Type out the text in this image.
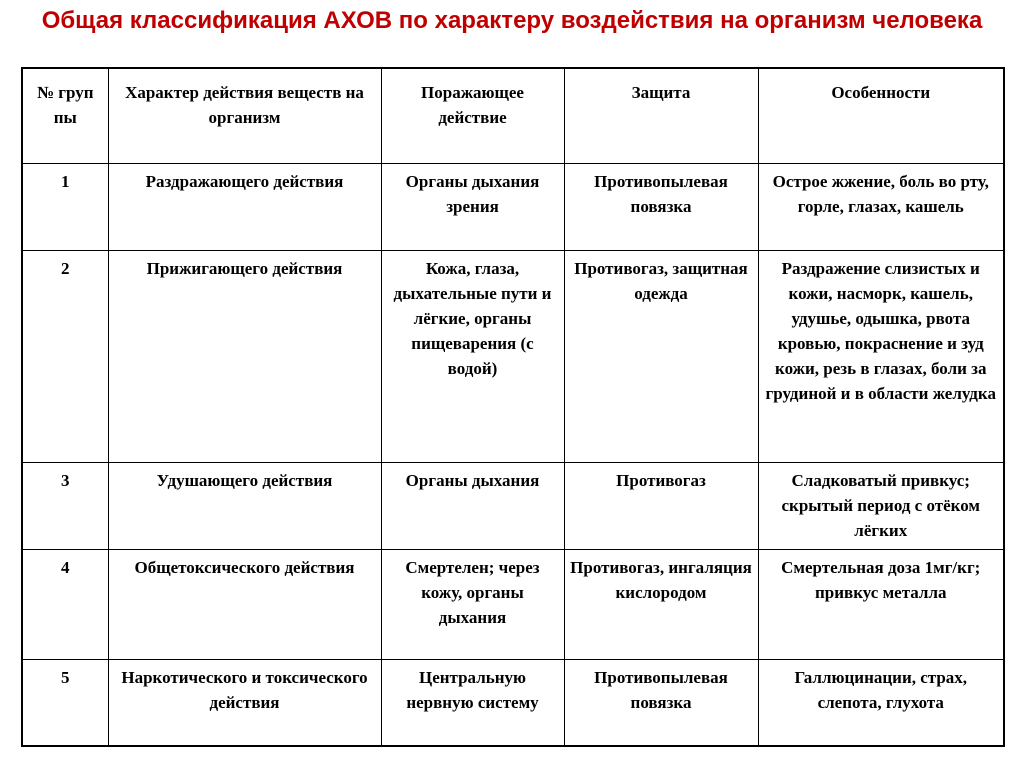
Общая классификация АХОВ по характеру воздействия на организм человека
№ груп пы	Характер действия веществ на организм	Поражающее действие	Защита	Особенности
1	Раздражающего действия	Органы дыхания зрения	Противопылевая повязка	Острое жжение, боль во рту, горле, глазах, кашель
2	Прижигающего действия	Кожа, глаза, дыхательные пути и лёгкие, органы пищеварения (с водой)	Противогаз, защитная одежда	Раздражение слизистых и кожи, насморк, кашель, удушье, одышка, рвота кровью, покраснение и зуд кожи, резь в глазах, боли за грудиной и в области желудка
3	Удушающего действия	Органы дыхания	Противогаз	Сладковатый привкус; скрытый период с отёком лёгких
4	Общетоксического действия	Смертелен; через кожу, органы дыхания	Противогаз, ингаляция кислородом	Смертельная доза 1мг/кг; привкус металла
5	Наркотического и токсического действия	Центральную нервную систему	Противопылевая повязка	Галлюцинации, страх, слепота, глухота
